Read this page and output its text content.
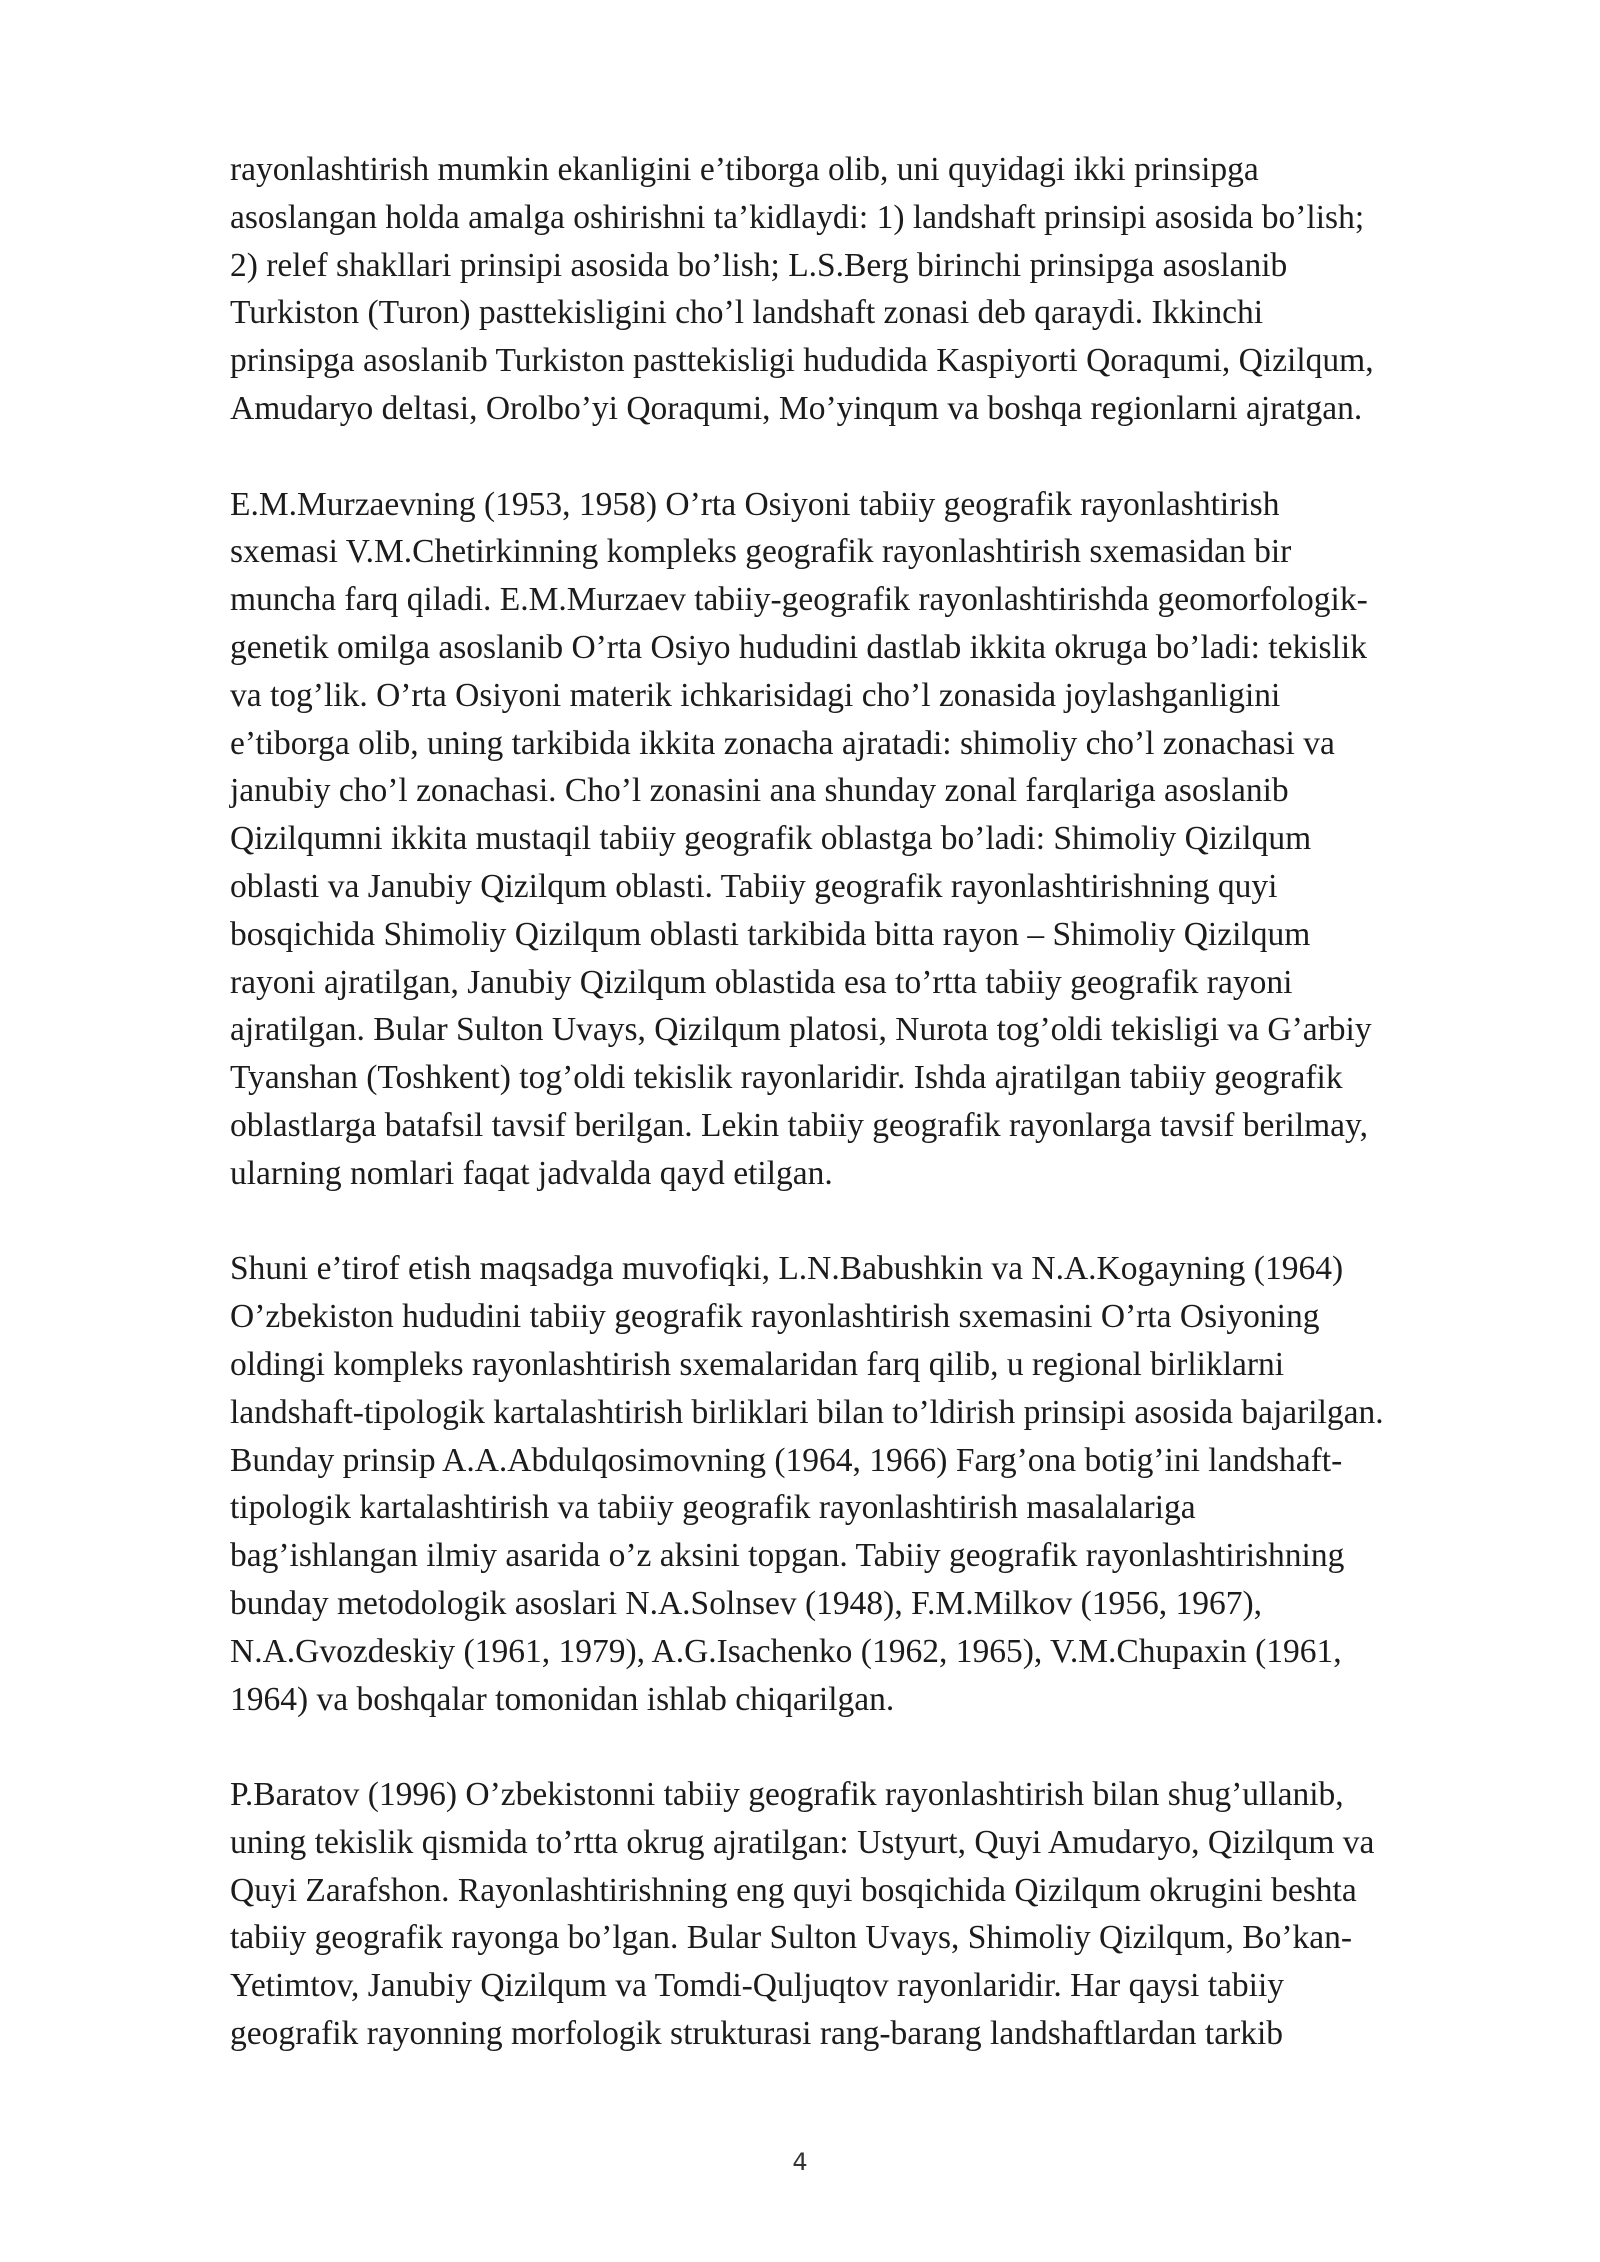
rayonlashtirish mumkin ekanligini e’tiborga olib, uni quyidagi ikki prinsipga
asoslangan holda amalga oshirishni ta’kidlaydi: 1) landshaft prinsipi asosida bo’lish;
2) relef shakllari prinsipi asosida bo’lish; L.S.Berg birinchi prinsipga asoslanib
Turkiston (Turon) pasttekisligini cho’l landshaft zonasi deb qaraydi. Ikkinchi
prinsipga asoslanib Turkiston pasttekisligi hududida Kaspiyorti Qoraqumi, Qizilqum,
Amudaryo deltasi, Orolbo’yi Qoraqumi, Mo’yinqum va boshqa regionlarni ajratgan.

E.M.Murzaevning (1953, 1958) O’rta Osiyoni tabiiy geografik rayonlashtirish
sxemasi V.M.Chetirkinning kompleks geografik rayonlashtirish sxemasidan bir
muncha farq qiladi. E.M.Murzaev tabiiy-geografik rayonlashtirishda geomorfologik-
genetik omilga asoslanib O’rta Osiyo hududini dastlab ikkita okruga bo’ladi: tekislik
va tog’lik. O’rta Osiyoni materik ichkarisidagi cho’l zonasida joylashganligini
e’tiborga olib, uning tarkibida ikkita zonacha ajratadi: shimoliy cho’l zonachasi va
janubiy cho’l zonachasi. Cho’l zonasini ana shunday zonal farqlariga asoslanib
Qizilqumni ikkita mustaqil tabiiy geografik oblastga bo’ladi: Shimoliy Qizilqum
oblasti va Janubiy Qizilqum oblasti. Tabiiy geografik rayonlashtirishning quyi
bosqichida Shimoliy Qizilqum oblasti tarkibida bitta rayon – Shimoliy Qizilqum
rayoni ajratilgan, Janubiy Qizilqum oblastida esa to’rtta tabiiy geografik rayoni
ajratilgan. Bular Sulton Uvays, Qizilqum platosi, Nurota tog’oldi tekisligi va G’arbiy
Tyanshan (Toshkent) tog’oldi tekislik rayonlaridir. Ishda ajratilgan tabiiy geografik
oblastlarga batafsil tavsif berilgan. Lekin tabiiy geografik rayonlarga tavsif berilmay,
ularning nomlari faqat jadvalda qayd etilgan.

Shuni e’tirof etish maqsadga muvofiqki, L.N.Babushkin va N.A.Kogayning (1964)
O’zbekiston hududini tabiiy geografik rayonlashtirish sxemasini O’rta Osiyoning
oldingi kompleks rayonlashtirish sxemalaridan farq qilib, u regional birliklarni
landshaft-tipologik kartalashtirish birliklari bilan to’ldirish prinsipi asosida bajarilgan.
Bunday prinsip A.A.Abdulqosimovning (1964, 1966) Farg’ona botig’ini landshaft-
tipologik kartalashtirish va tabiiy geografik rayonlashtirish masalalariga
bag’ishlangan ilmiy asarida o’z aksini topgan. Tabiiy geografik rayonlashtirishning
bunday metodologik asoslari N.A.Solnsev (1948), F.M.Milkov (1956, 1967),
N.A.Gvozdeskiy (1961, 1979), A.G.Isachenko (1962, 1965), V.M.Chupaxin (1961,
1964) va boshqalar tomonidan ishlab chiqarilgan.

P.Baratov (1996) O’zbekistonni tabiiy geografik rayonlashtirish bilan shug’ullanib,
uning tekislik qismida to’rtta okrug ajratilgan: Ustyurt, Quyi Amudaryo, Qizilqum va
Quyi Zarafshon. Rayonlashtirishning eng quyi bosqichida Qizilqum okrugini beshta
tabiiy geografik rayonga bo’lgan. Bular Sulton Uvays, Shimoliy Qizilqum, Bo’kan-
Yetimtov, Janubiy Qizilqum va Tomdi-Quljuqtov rayonlaridir. Har qaysi tabiiy
geografik rayonning morfologik strukturasi rang-barang landshaftlardan tarkib

4
